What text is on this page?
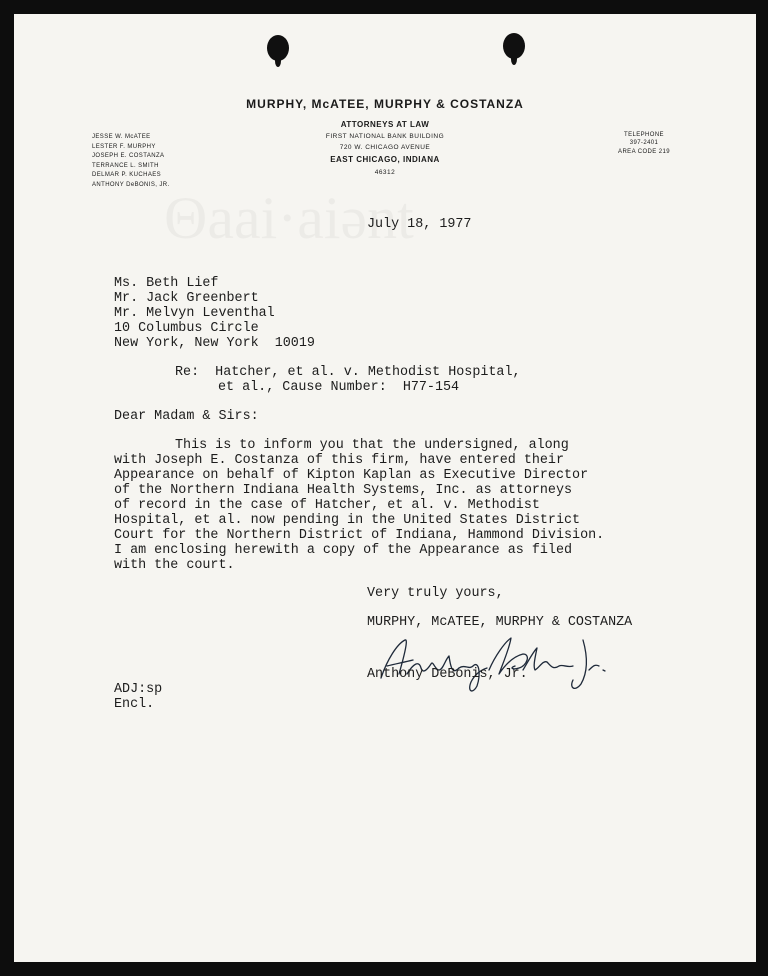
MURPHY, McATEE, MURPHY & COSTANZA
ATTORNEYS AT LAW
FIRST NATIONAL BANK BUILDING
720 W. CHICAGO AVENUE
EAST CHICAGO, INDIANA
46312
JESSE W. McATEE
LESTER F. MURPHY
JOSEPH E. COSTANZA
TERRANCE L. SMITH
DELMAR P. KUCHAES
ANTHONY DeBONIS, JR.
TELEPHONE
397-2401
AREA CODE 219

July 18, 1977

Ms. Beth Lief

Mr. Jack Greenbert

Mr. Melvyn Leventhal

10 Columbus Circle

New York, New York  10019

Re:  Hatcher, et al. v. Methodist Hospital,

et al., Cause Number:  H77-154

Dear Madam & Sirs:

This is to inform you that the undersigned, along

with Joseph E. Costanza of this firm, have entered their

Appearance on behalf of Kipton Kaplan as Executive Director

of the Northern Indiana Health Systems, Inc. as attorneys

of record in the case of Hatcher, et al. v. Methodist

Hospital, et al. now pending in the United States District

Court for the Northern District of Indiana, Hammond Division.

I am enclosing herewith a copy of the Appearance as filed

with the court.

Very truly yours,

MURPHY, McATEE, MURPHY & COSTANZA

Anthony DeBonis, Jr.

ADJ:sp

Encl.
